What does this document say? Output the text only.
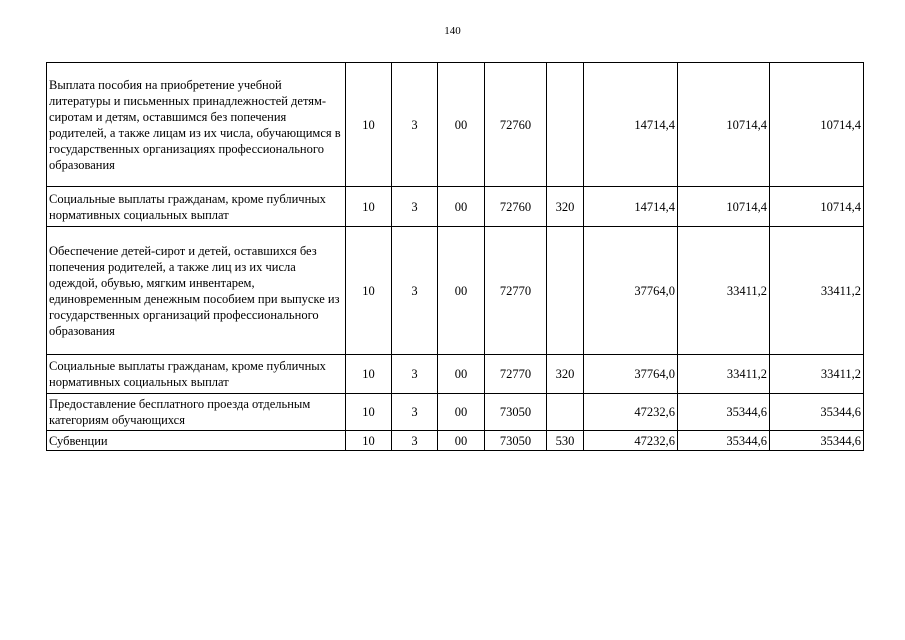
140
Выплата пособия на приобретение учебной литературы и письменных принадлежностей детям-сиротам и детям, оставшимся без попечения родителей, а также лицам из их числа, обучающимся в государственных организациях профессионального образования	10	3	00	72760		14714,4	10714,4	10714,4
Социальные выплаты гражданам, кроме публичных нормативных социальных выплат	10	3	00	72760	320	14714,4	10714,4	10714,4
Обеспечение детей-сирот и детей, оставшихся без попечения родителей, а также лиц из их числа одеждой, обувью, мягким инвентарем, единовременным денежным пособием при выпуске из государственных организаций профессионального образования	10	3	00	72770		37764,0	33411,2	33411,2
Социальные выплаты гражданам, кроме публичных нормативных социальных выплат	10	3	00	72770	320	37764,0	33411,2	33411,2
Предоставление бесплатного проезда отдельным категориям обучающихся	10	3	00	73050		47232,6	35344,6	35344,6
Субвенции	10	3	00	73050	530	47232,6	35344,6	35344,6
